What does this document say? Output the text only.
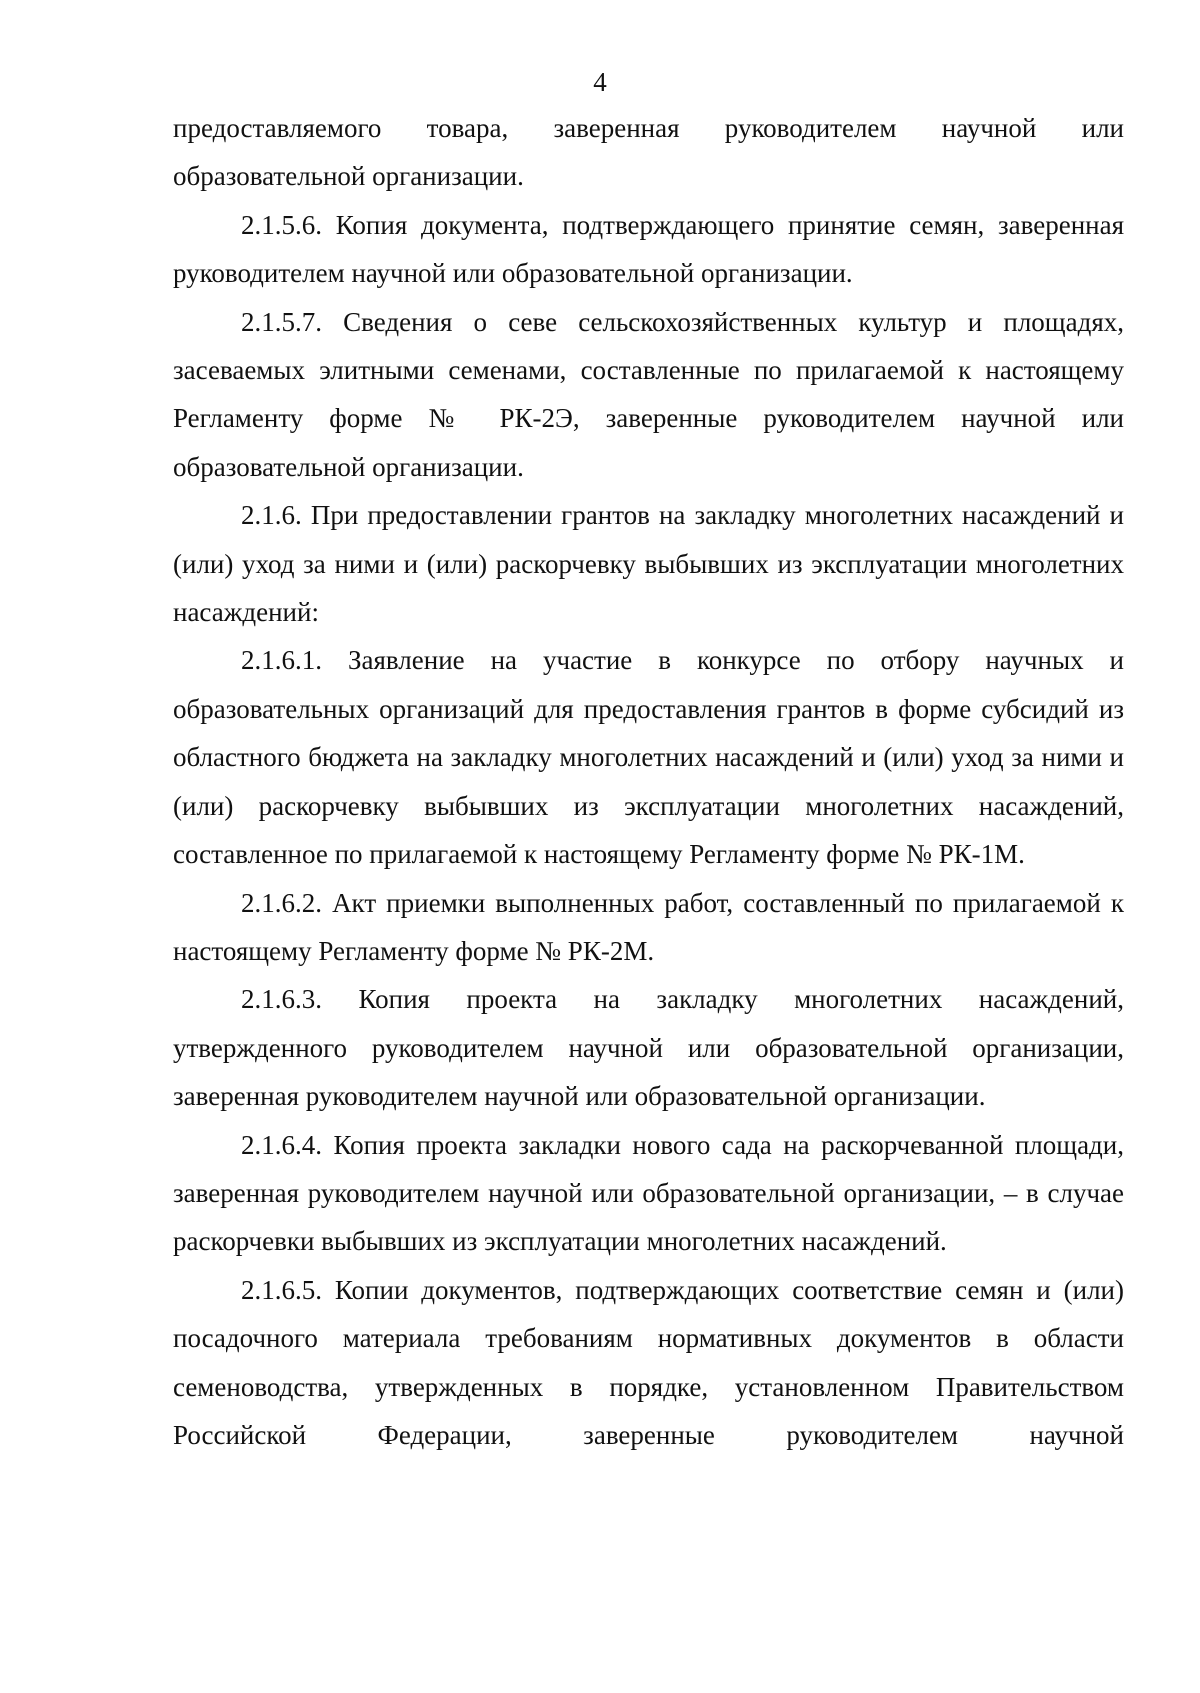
4

предоставляемого товара, заверенная руководителем научной или образовательной организации.

2.1.5.6. Копия документа, подтверждающего принятие семян, заверенная руководителем научной или образовательной организации.

2.1.5.7. Сведения о севе сельскохозяйственных культур и площадях, засеваемых элитными семенами, составленные по прилагаемой к настоящему Регламенту форме № РК-2Э, заверенные руководителем научной или образовательной организации.

2.1.6. При предоставлении грантов на закладку многолетних насаждений и (или) уход за ними и (или) раскорчевку выбывших из эксплуатации многолетних насаждений:

2.1.6.1. Заявление на участие в конкурсе по отбору научных и образовательных организаций для предоставления грантов в форме субсидий из областного бюджета на закладку многолетних насаждений и (или) уход за ними и (или) раскорчевку выбывших из эксплуатации многолетних насаждений, составленное по прилагаемой к настоящему Регламенту форме № РК-1М.

2.1.6.2. Акт приемки выполненных работ, составленный по прилагаемой к настоящему Регламенту форме № РК-2М.

2.1.6.3. Копия проекта на закладку многолетних насаждений, утвержденного руководителем научной или образовательной организации, заверенная руководителем научной или образовательной организации.

2.1.6.4. Копия проекта закладки нового сада на раскорчеванной площади, заверенная руководителем научной или образовательной организации, – в случае раскорчевки выбывших из эксплуатации многолетних насаждений.

2.1.6.5. Копии документов, подтверждающих соответствие семян и (или) посадочного материала требованиям нормативных документов в области семеноводства, утвержденных в порядке, установленном Правительством Российской Федерации, заверенные руководителем научной
